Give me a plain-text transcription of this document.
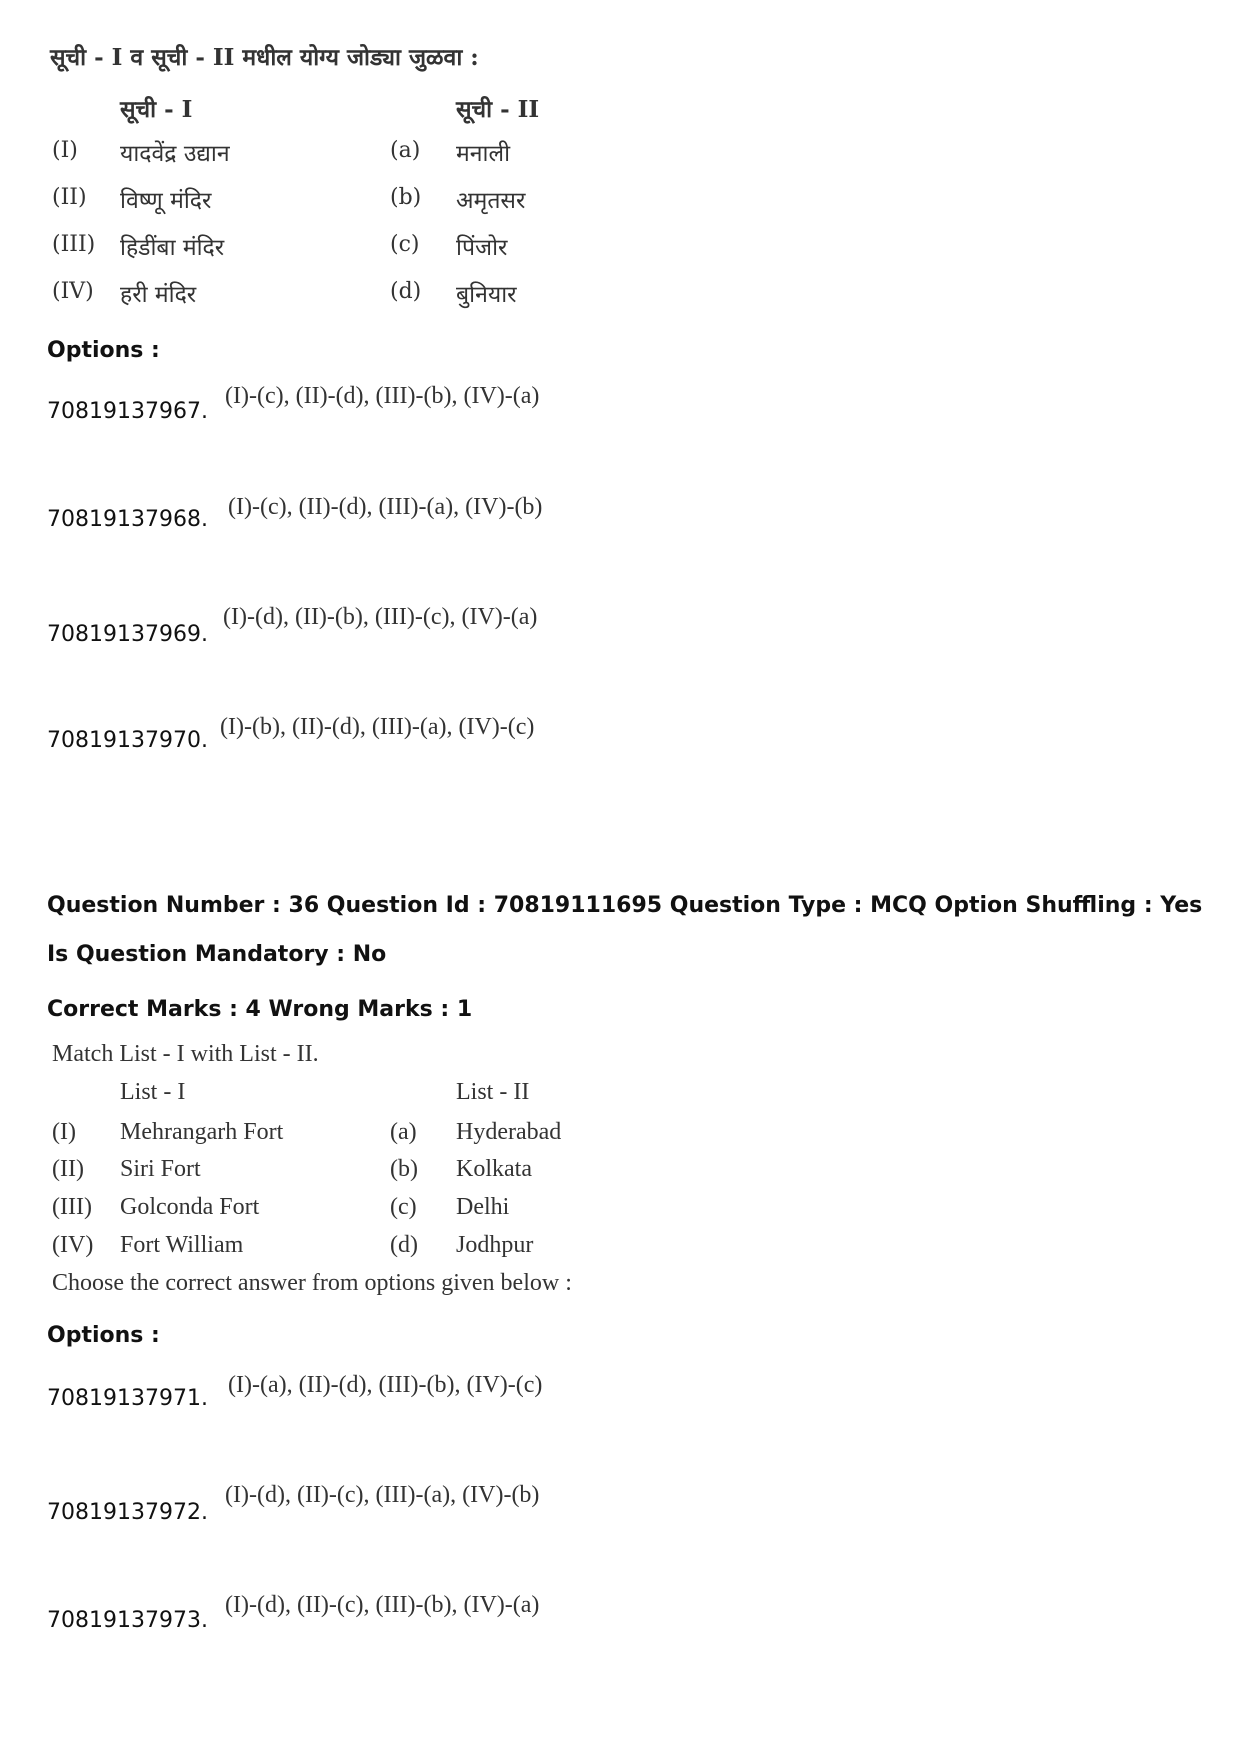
सूची - I व सूची - II मधील योग्य जोड्या जुळवा :
सूची - I	सूची - II
(I) यादवेंद्र उद्यान	(a) मनाली
(II) विष्णू मंदिर	(b) अमृतसर
(III) हिडींबा मंदिर	(c) पिंजोर
(IV) हरी मंदिर	(d) बुनियार
Options :
70819137967.
(I)-(c), (II)-(d), (III)-(b), (IV)-(a)
70819137968. (I)-(c), (II)-(d), (III)-(a), (IV)-(b)
70819137969.
(I)-(d), (II)-(b), (III)-(c), (IV)-(a)
70819137970.
(I)-(b), (II)-(d), (III)-(a), (IV)-(c)
Question Number : 36 Question Id : 70819111695 Question Type : MCQ Option Shuffling : Yes
Is Question Mandatory : No
Correct Marks : 4 Wrong Marks : 1
Match List - I with List - II.
List - I	List - II
(I) Mehrangarh Fort	(a) Hyderabad
(II) Siri Fort	(b) Kolkata
(III) Golconda Fort	(c) Delhi
(IV) Fort William	(d) Jodhpur
Choose the correct answer from options given below :
Options :
70819137971.
(I)-(a), (II)-(d), (III)-(b), (IV)-(c)
70819137972.
(I)-(d), (II)-(c), (III)-(a), (IV)-(b)
70819137973.
(I)-(d), (II)-(c), (III)-(b), (IV)-(a)
